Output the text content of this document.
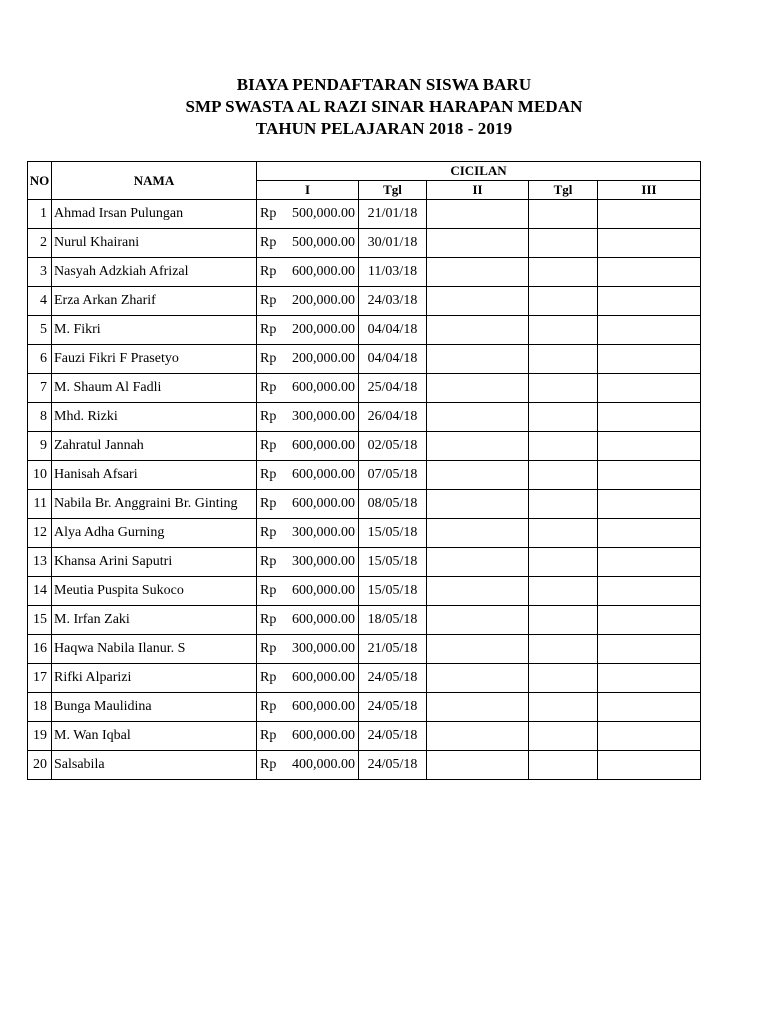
BIAYA PENDAFTARAN SISWA BARU
SMP SWASTA AL RAZI SINAR HARAPAN MEDAN
TAHUN PELAJARAN 2018 - 2019
NO	NAMA	CICILAN				
		I	Tgl	II	Tgl	III
1	Ahmad Irsan Pulungan	Rp 500,000.00	21/01/18			
2	Nurul Khairani	Rp 500,000.00	30/01/18			
3	Nasyah Adzkiah Afrizal	Rp 600,000.00	11/03/18			
4	Erza Arkan Zharif	Rp 200,000.00	24/03/18			
5	M. Fikri	Rp 200,000.00	04/04/18			
6	Fauzi Fikri F Prasetyo	Rp 200,000.00	04/04/18			
7	M. Shaum Al Fadli	Rp 600,000.00	25/04/18			
8	Mhd. Rizki	Rp 300,000.00	26/04/18			
9	Zahratul Jannah	Rp 600,000.00	02/05/18			
10	Hanisah Afsari	Rp 600,000.00	07/05/18			
11	Nabila Br. Anggraini Br. Ginting	Rp 600,000.00	08/05/18			
12	Alya Adha Gurning	Rp 300,000.00	15/05/18			
13	Khansa Arini Saputri	Rp 300,000.00	15/05/18			
14	Meutia Puspita Sukoco	Rp 600,000.00	15/05/18			
15	M. Irfan Zaki	Rp 600,000.00	18/05/18			
16	Haqwa Nabila Ilanur. S	Rp 300,000.00	21/05/18			
17	Rifki Alparizi	Rp 600,000.00	24/05/18			
18	Bunga Maulidina	Rp 600,000.00	24/05/18			
19	M. Wan Iqbal	Rp 600,000.00	24/05/18			
20	Salsabila	Rp 400,000.00	24/05/18			
